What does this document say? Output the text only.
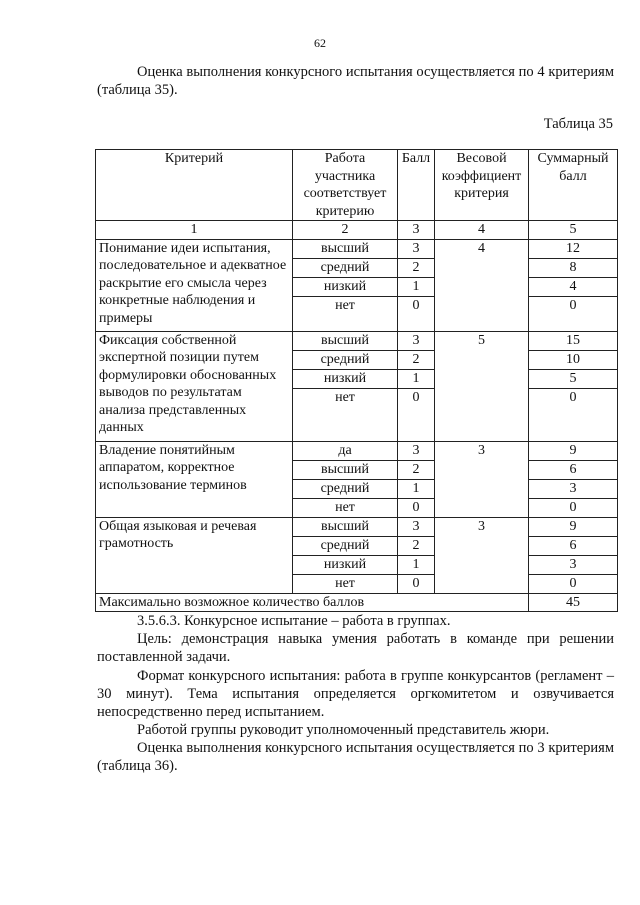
62
Оценка выполнения конкурсного испытания осуществляется по 4 критериям (таблица 35).
Таблица 35
Критерий	Работа участника соответствует критерию	Балл	Весовой коэффициент критерия	Суммарный балл
1	2	3	4	5
Понимание идеи испытания, последовательное и адекватное раскрытие его смысла через конкретные наблюдения и примеры	высший	3	4	12
	средний	2		8
	низкий	1		4
	нет	0		0
Фиксация собственной экспертной позиции путем формулировки обоснованных выводов по результатам анализа представленных данных	высший	3	5	15
	средний	2		10
	низкий	1		5
	нет	0		0
Владение понятийным аппаратом, корректное использование терминов	да	3	3	9
	высший	2		6
	средний	1		3
	нет	0		0
Общая языковая и речевая грамотность	высший	3	3	9
	средний	2		6
	низкий	1		3
	нет	0		0
Максимально возможное количество баллов				45
3.5.6.3. Конкурсное испытание – работа в группах.
Цель: демонстрация навыка умения работать в команде при решении поставленной задачи.
Формат конкурсного испытания: работа в группе конкурсантов (регламент – 30 минут). Тема испытания определяется оргкомитетом и озвучивается непосредственно перед испытанием.
Работой группы руководит уполномоченный представитель жюри.
Оценка выполнения конкурсного испытания осуществляется по 3 критериям (таблица 36).
